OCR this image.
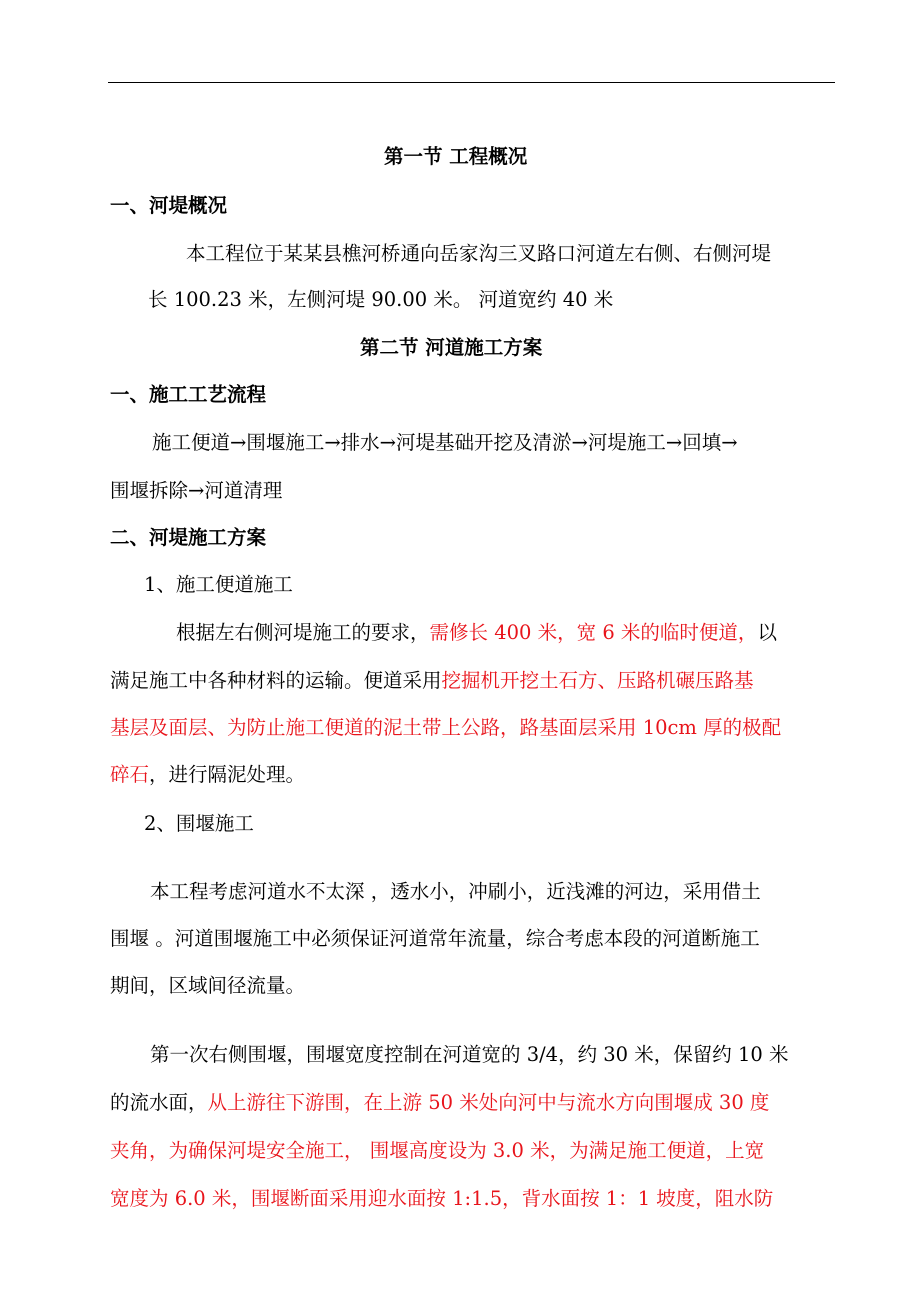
第一节 工程概况
一、河堤概况
本工程位于某某县樵河桥通向岳家沟三叉路口河道左右侧、右侧河堤
长 100.23 米，左侧河堤 90.00 米。 河道宽约 40 米
第二节 河道施工方案
一、施工工艺流程
施工便道→围堰施工→排水→河堤基础开挖及清淤→河堤施工→回填→
围堰拆除→河道清理
二、河堤施工方案
1、施工便道施工
根据左右侧河堤施工的要求，需修长 400 米，宽 6 米的临时便道，以
满足施工中各种材料的运输。便道采用挖掘机开挖土石方、压路机碾压路基
基层及面层、为防止施工便道的泥土带上公路，路基面层采用 10cm 厚的极配
碎石，进行隔泥处理。
2、围堰施工
本工程考虑河道水不太深 ，透水小，冲刷小，近浅滩的河边，采用借土
围堰 。河道围堰施工中必须保证河道常年流量，综合考虑本段的河道断施工
期间，区域间径流量。
第一次右侧围堰，围堰宽度控制在河道宽的 3/4，约 30 米，保留约 10 米
的流水面，从上游往下游围，在上游 50 米处向河中与流水方向围堰成 30 度
夹角，为确保河堤安全施工， 围堰高度设为 3.0 米，为满足施工便道，上宽
宽度为 6.0 米，围堰断面采用迎水面按 1:1.5，背水面按 1：1 坡度，阻水防
